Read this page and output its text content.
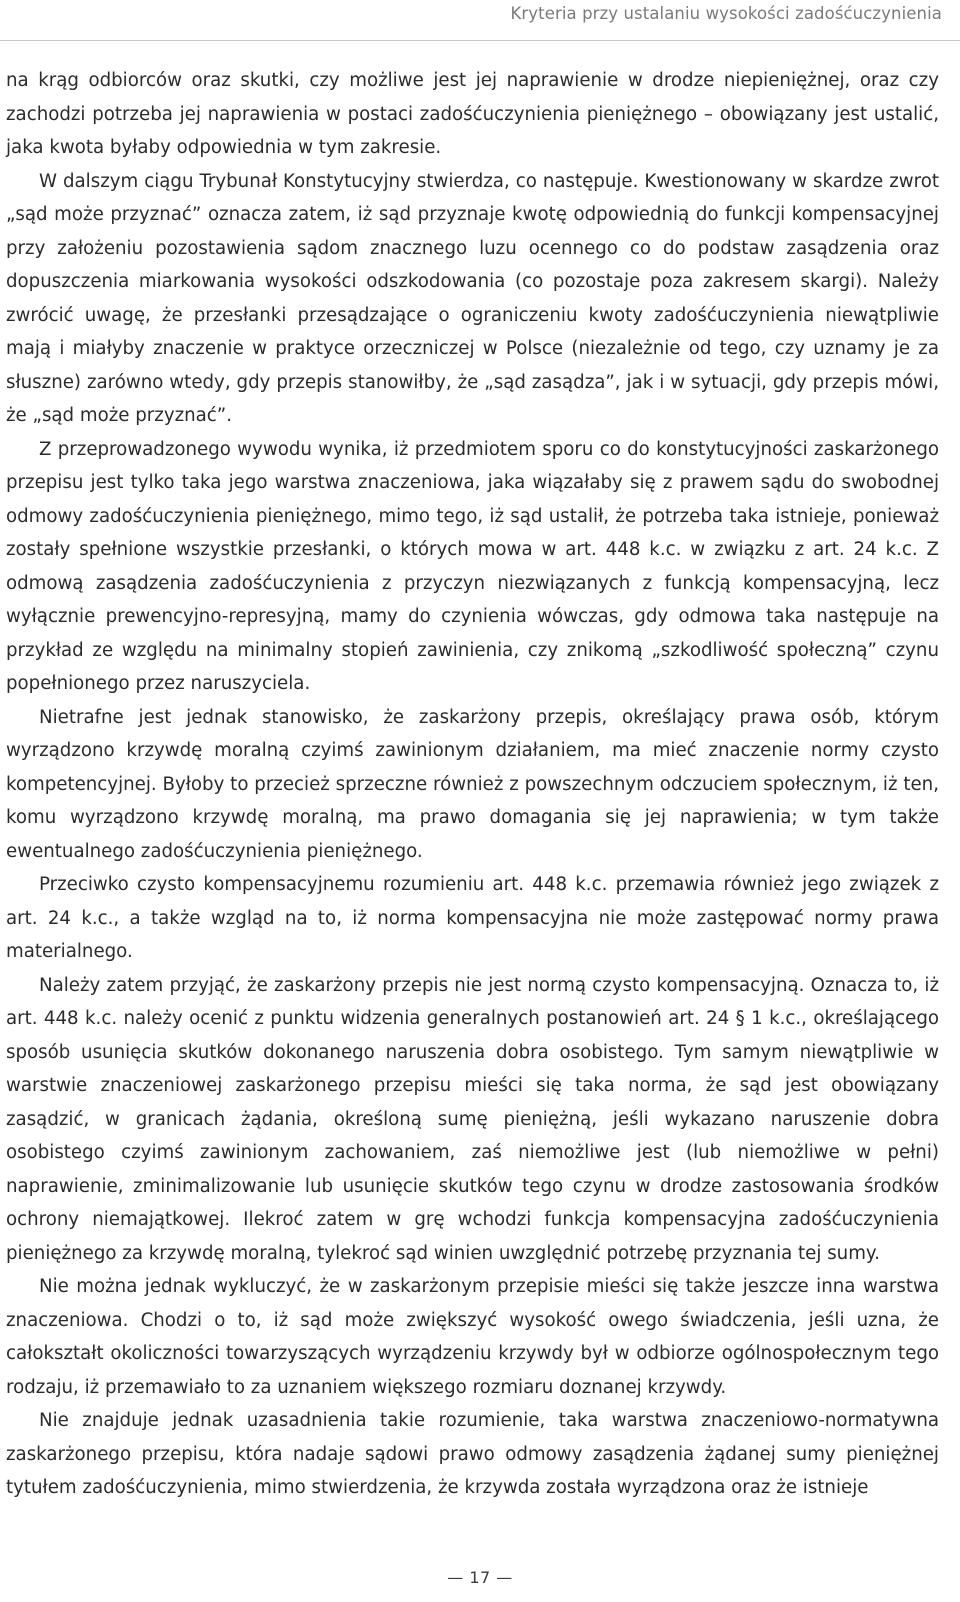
Kryteria przy ustalaniu wysokości zadośćuczynienia

na krąg odbiorców oraz skutki, czy możliwe jest jej naprawienie w drodze niepieniężnej, oraz czy zachodzi potrzeba jej naprawienia w postaci zadośćuczynienia pieniężnego – obowiązany jest ustalić, jaka kwota byłaby odpowiednia w tym zakresie.

W dalszym ciągu Trybunał Konstytucyjny stwierdza, co następuje. Kwestionowany w skardze zwrot „sąd może przyznać” oznacza zatem, iż sąd przyznaje kwotę odpowiednią do funkcji kompensacyjnej przy założeniu pozostawienia sądom znacznego luzu ocennego co do podstaw zasądzenia oraz dopuszczenia miarkowania wysokości odszkodowania (co pozostaje poza zakresem skargi). Należy zwrócić uwagę, że przesłanki przesądzające o ograniczeniu kwoty zadośćuczynienia niewątpliwie mają i miałyby znaczenie w praktyce orzeczniczej w Polsce (niezależnie od tego, czy uznamy je za słuszne) zarówno wtedy, gdy przepis stanowiłby, że „sąd zasądza”, jak i w sytuacji, gdy przepis mówi, że „sąd może przyznać”.

Z przeprowadzonego wywodu wynika, iż przedmiotem sporu co do konstytucyjności zaskarżonego przepisu jest tylko taka jego warstwa znaczeniowa, jaka wiązałaby się z prawem sądu do swobodnej odmowy zadośćuczynienia pieniężnego, mimo tego, iż sąd ustalił, że potrzeba taka istnieje, ponieważ zostały spełnione wszystkie przesłanki, o których mowa w art. 448 k.c. w związku z art. 24 k.c. Z odmową zasądzenia zadośćuczynienia z przyczyn niezwiązanych z funkcją kompensacyjną, lecz wyłącznie prewencyjno-represyjną, mamy do czynienia wówczas, gdy odmowa taka następuje na przykład ze względu na minimalny stopień zawinienia, czy znikomą „szkodliwość społeczną” czynu popełnionego przez naruszyciela.

Nietrafne jest jednak stanowisko, że zaskarżony przepis, określający prawa osób, którym wyrządzono krzywdę moralną czyimś zawinionym działaniem, ma mieć znaczenie normy czysto kompetencyjnej. Byłoby to przecież sprzeczne również z powszechnym odczuciem społecznym, iż ten, komu wyrządzono krzywdę moralną, ma prawo domagania się jej naprawienia; w tym także ewentualnego zadośćuczynienia pieniężnego.

Przeciwko czysto kompensacyjnemu rozumieniu art. 448 k.c. przemawia również jego związek z art. 24 k.c., a także wzgląd na to, iż norma kompensacyjna nie może zastępować normy prawa materialnego.

Należy zatem przyjąć, że zaskarżony przepis nie jest normą czysto kompensacyjną. Oznacza to, iż art. 448 k.c. należy ocenić z punktu widzenia generalnych postanowień art. 24 § 1 k.c., określającego sposób usunięcia skutków dokonanego naruszenia dobra osobistego. Tym samym niewątpliwie w warstwie znaczeniowej zaskarżonego przepisu mieści się taka norma, że sąd jest obowiązany zasądzić, w granicach żądania, określoną sumę pieniężną, jeśli wykazano naruszenie dobra osobistego czyimś zawinionym zachowaniem, zaś niemożliwe jest (lub niemożliwe w pełni) naprawienie, zminimalizowanie lub usunięcie skutków tego czynu w drodze zastosowania środków ochrony niemajątkowej. Ilekroć zatem w grę wchodzi funkcja kompensacyjna zadośćuczynienia pieniężnego za krzywdę moralną, tylekroć sąd winien uwzględnić potrzebę przyznania tej sumy.

Nie można jednak wykluczyć, że w zaskarżonym przepisie mieści się także jeszcze inna warstwa znaczeniowa. Chodzi o to, iż sąd może zwiększyć wysokość owego świadczenia, jeśli uzna, że całokształt okoliczności towarzyszących wyrządzeniu krzywdy był w odbiorze ogólnospołecznym tego rodzaju, iż przemawiało to za uznaniem większego rozmiaru doznanej krzywdy.

Nie znajduje jednak uzasadnienia takie rozumienie, taka warstwa znaczeniowo-normatywna zaskarżonego przepisu, która nadaje sądowi prawo odmowy zasądzenia żądanej sumy pieniężnej tytułem zadośćuczynienia, mimo stwierdzenia, że krzywda została wyrządzona oraz że istnieje

— 17 —
